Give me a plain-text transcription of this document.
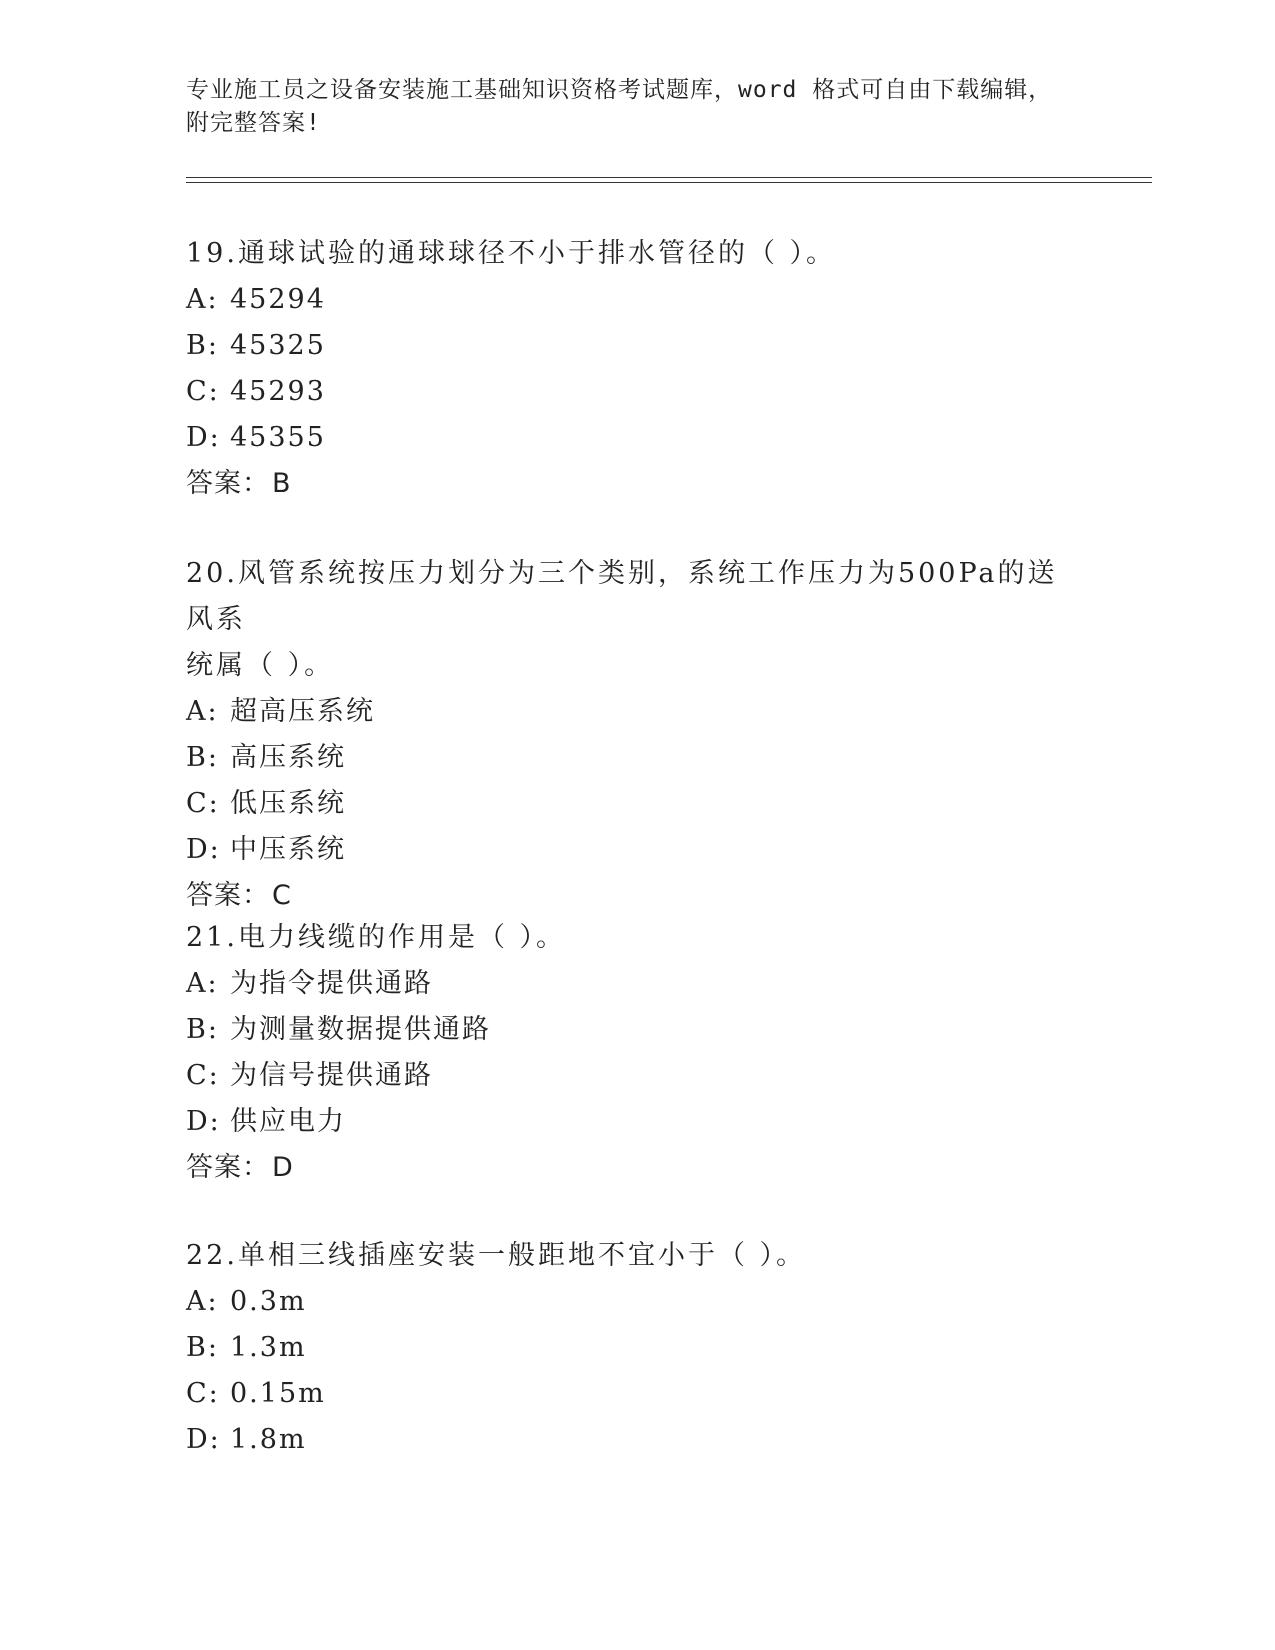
专业施工员之设备安装施工基础知识资格考试题库，word 格式可自由下载编辑，
附完整答案!
19.通球试验的通球球径不小于排水管径的（ ）。
A: 45294
B: 45325
C: 45293
D: 45355
答案：B
20.风管系统按压力划分为三个类别，系统工作压力为500Pa的送风系
统属（ ）。
A: 超高压系统
B: 高压系统
C: 低压系统
D: 中压系统
答案：C
21.电力线缆的作用是（ ）。
A: 为指令提供通路
B: 为测量数据提供通路
C: 为信号提供通路
D: 供应电力
答案：D
22.单相三线插座安装一般距地不宜小于（ ）。
A: 0.3m
B: 1.3m
C: 0.15m
D: 1.8m
